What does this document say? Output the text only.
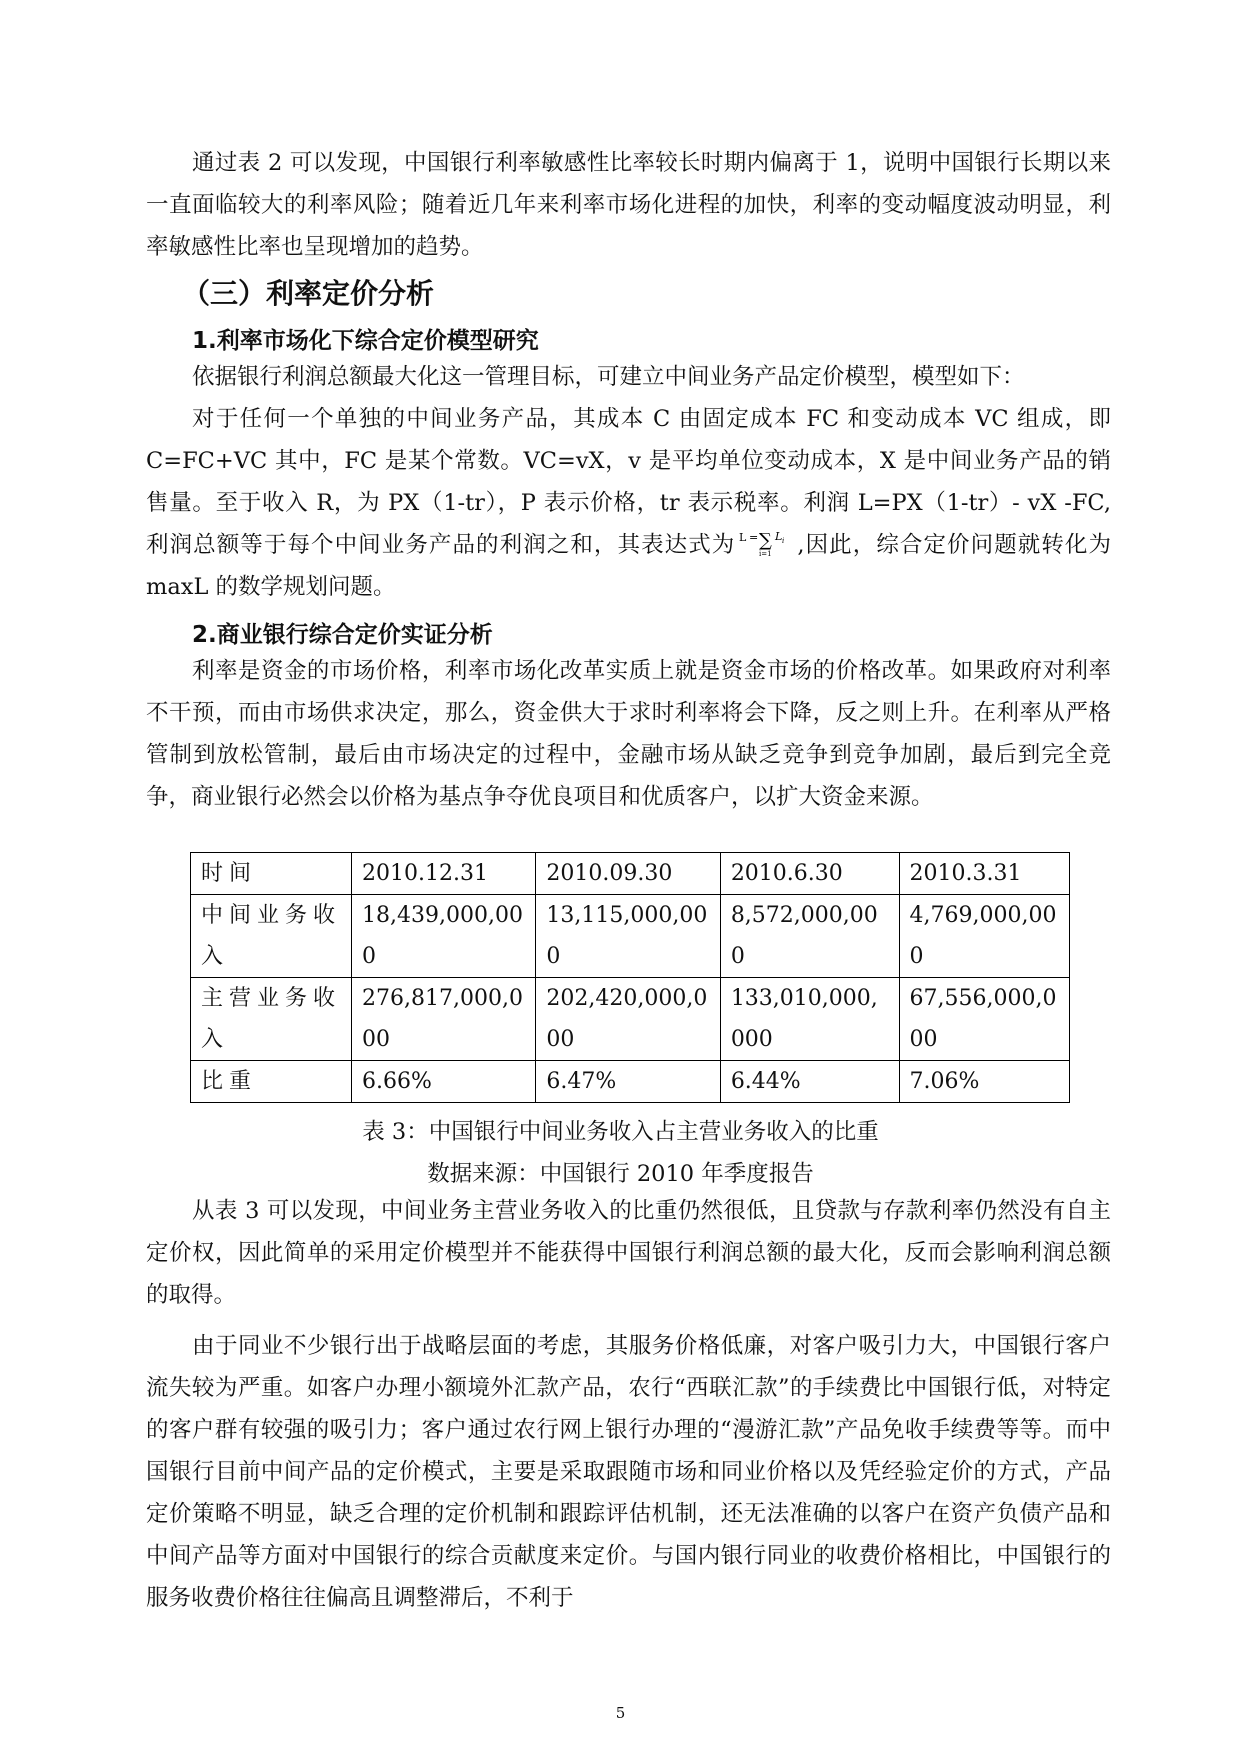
通过表 2 可以发现，中国银行利率敏感性比率较长时期内偏离于 1，说明中国银行长期以来一直面临较大的利率风险；随着近几年来利率市场化进程的加快，利率的变动幅度波动明显，利率敏感性比率也呈现增加的趋势。

（三）利率定价分析
1.利率市场化下综合定价模型研究

依据银行利润总额最大化这一管理目标，可建立中间业务产品定价模型，模型如下：

对于任何一个单独的中间业务产品，其成本 C 由固定成本 FC 和变动成本 VC 组成，即 C=FC+VC 其中，FC 是某个常数。VC=vX，v 是平均单位变动成本，X 是中间业务产品的销售量。至于收入 R，为 PX（1-tr），P 表示价格，tr 表示税率。利润 L=PX（1-tr）- vX -FC, 利润总额等于每个中间业务产品的利润之和，其表达式为 L = ∑ L i
i=1 ,因此，综合定价问题就转化为 maxL 的数学规划问题。

2.商业银行综合定价实证分析

利率是资金的市场价格，利率市场化改革实质上就是资金市场的价格改革。如果政府对利率不干预，而由市场供求决定，那么，资金供大于求时利率将会下降，反之则上升。在利率从严格管制到放松管制，最后由市场决定的过程中，金融市场从缺乏竞争到竞争加剧，最后到完全竞争，商业银行必然会以价格为基点争夺优良项目和优质客户，以扩大资金来源。

时间	2010.12.31	2010.09.30	2010.6.30	2010.3.31
中间业务收入	18,439,000,000	13,115,000,000	8,572,000,000	4,769,000,000
主营业务收入	276,817,000,000	202,420,000,000	133,010,000,000	67,556,000,000
比重	6.66%	6.47%	6.44%	7.06%

表 3：中国银行中间业务收入占主营业务收入的比重

数据来源：中国银行 2010 年季度报告

从表 3 可以发现，中间业务主营业务收入的比重仍然很低，且贷款与存款利率仍然没有自主定价权，因此简单的采用定价模型并不能获得中国银行利润总额的最大化，反而会影响利润总额的取得。

由于同业不少银行出于战略层面的考虑，其服务价格低廉，对客户吸引力大，中国银行客户流失较为严重。如客户办理小额境外汇款产品，农行“西联汇款”的手续费比中国银行低，对特定的客户群有较强的吸引力；客户通过农行网上银行办理的“漫游汇款”产品免收手续费等等。而中国银行目前中间产品的定价模式，主要是采取跟随市场和同业价格以及凭经验定价的方式，产品定价策略不明显，缺乏合理的定价机制和跟踪评估机制，还无法准确的以客户在资产负债产品和中间产品等方面对中国银行的综合贡献度来定价。与国内银行同业的收费价格相比，中国银行的服务收费价格往往偏高且调整滞后，不利于

5
